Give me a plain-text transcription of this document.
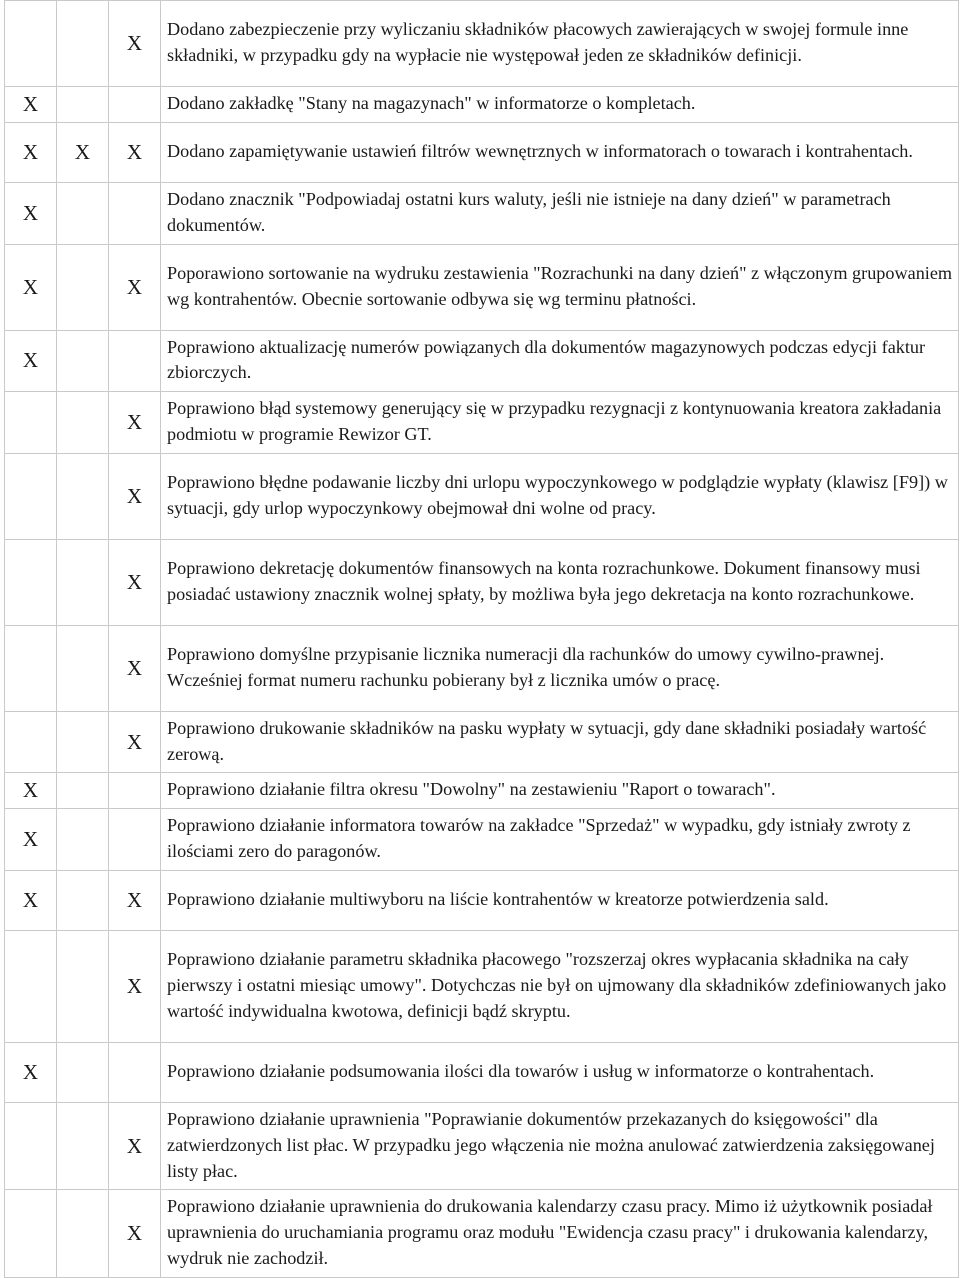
		X	Dodano zabezpieczenie przy wyliczaniu składników płacowych zawierających w swojej formule inne składniki, w przypadku gdy na wypłacie nie występował jeden ze składników definicji.
X			Dodano zakładkę "Stany na magazynach" w informatorze o kompletach.
X	X	X	Dodano zapamiętywanie ustawień filtrów wewnętrznych w informatorach o towarach i kontrahentach.
X			Dodano znacznik "Podpowiadaj ostatni kurs waluty, jeśli nie istnieje na dany dzień" w parametrach dokumentów.
X		X	Poporawiono sortowanie na wydruku zestawienia "Rozrachunki na dany dzień" z włączonym grupowaniem wg kontrahentów. Obecnie sortowanie odbywa się wg terminu płatności.
X			Poprawiono aktualizację numerów powiązanych dla dokumentów magazynowych podczas edycji faktur zbiorczych.
		X	Poprawiono błąd systemowy generujący się w przypadku rezygnacji z kontynuowania kreatora zakładania podmiotu w programie Rewizor GT.
		X	Poprawiono błędne podawanie liczby dni urlopu wypoczynkowego w podglądzie wypłaty (klawisz [F9]) w sytuacji, gdy urlop wypoczynkowy obejmował dni wolne od pracy.
		X	Poprawiono dekretację dokumentów finansowych na konta rozrachunkowe. Dokument finansowy musi posiadać ustawiony znacznik wolnej spłaty, by możliwa była jego dekretacja na konto rozrachunkowe.
		X	Poprawiono domyślne przypisanie licznika numeracji dla rachunków do umowy cywilno-prawnej. Wcześniej format numeru rachunku pobierany był z licznika umów o pracę.
		X	Poprawiono drukowanie składników na pasku wypłaty w sytuacji, gdy dane składniki posiadały wartość zerową.
X			Poprawiono działanie filtra okresu "Dowolny" na zestawieniu "Raport o towarach".
X			Poprawiono działanie informatora towarów na zakładce "Sprzedaż" w wypadku, gdy istniały zwroty z ilościami zero do paragonów.
X		X	Poprawiono działanie multiwyboru na liście kontrahentów w kreatorze potwierdzenia sald.
		X	Poprawiono działanie parametru składnika płacowego "rozszerzaj okres wypłacania składnika na cały pierwszy i ostatni miesiąc umowy". Dotychczas nie był on ujmowany dla składników zdefiniowanych jako wartość indywidualna kwotowa, definicji bądź skryptu.
X			Poprawiono działanie podsumowania ilości dla towarów i usług w informatorze o kontrahentach.
		X	Poprawiono działanie uprawnienia "Poprawianie dokumentów przekazanych do księgowości" dla zatwierdzonych list płac. W przypadku jego włączenia nie można anulować zatwierdzenia zaksięgowanej listy płac.
		X	Poprawiono działanie uprawnienia do drukowania kalendarzy czasu pracy. Mimo iż użytkownik posiadał uprawnienia do uruchamiania programu oraz modułu "Ewidencja czasu pracy" i drukowania kalendarzy, wydruk nie zachodził.
